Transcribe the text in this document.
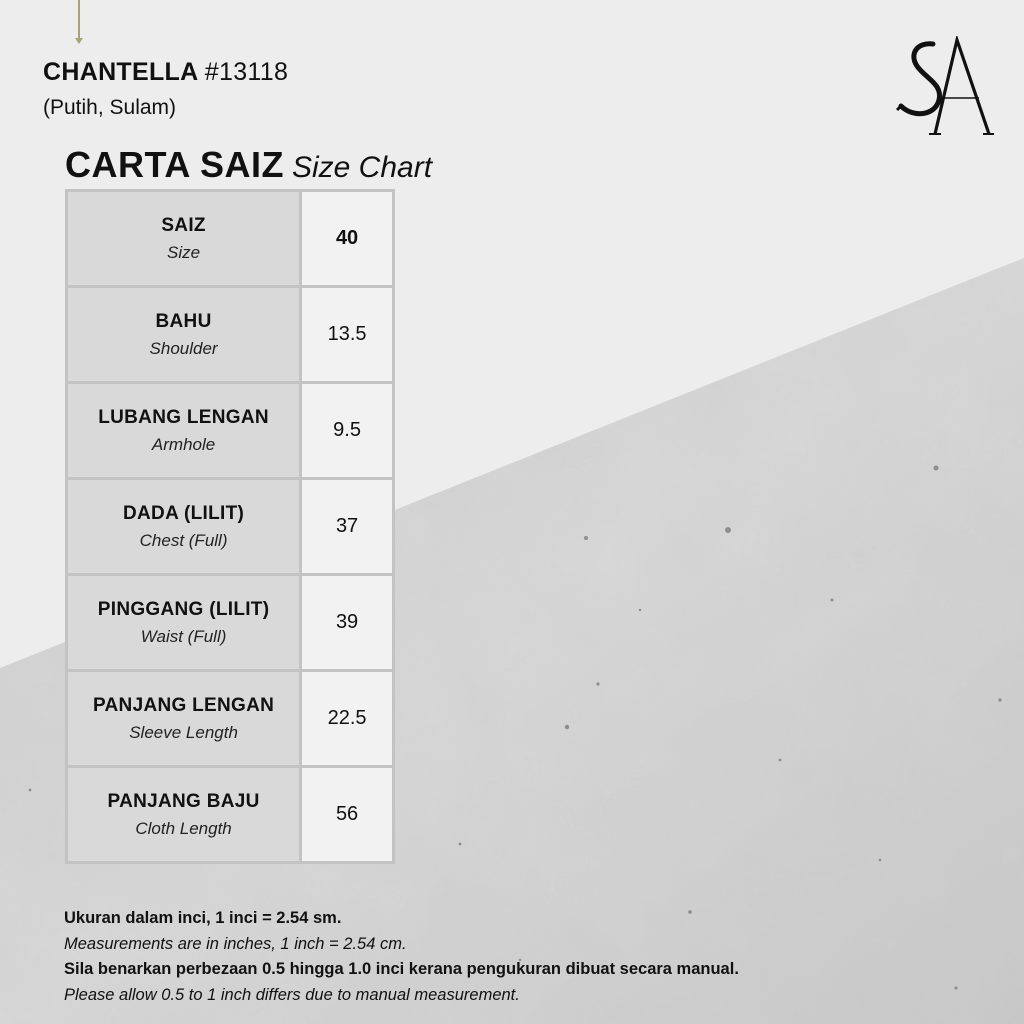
CHANTELLA #13118
(Putih, Sulam)
CARTA SAIZ Size Chart
SAIZ
Size	40

BAHU
Shoulder	13.5

LUBANG LENGAN
Armhole	9.5

DADA (LILIT)
Chest (Full)	37

PINGGANG (LILIT)
Waist (Full)	39

PANJANG LENGAN
Sleeve Length	22.5

PANJANG BAJU
Cloth Length	56
Ukuran dalam inci, 1 inci = 2.54 sm.
Measurements are in inches, 1 inch = 2.54 cm.
Sila benarkan perbezaan 0.5 hingga 1.0 inci kerana pengukuran dibuat secara manual.
Please allow 0.5 to 1 inch differs due to manual measurement.
